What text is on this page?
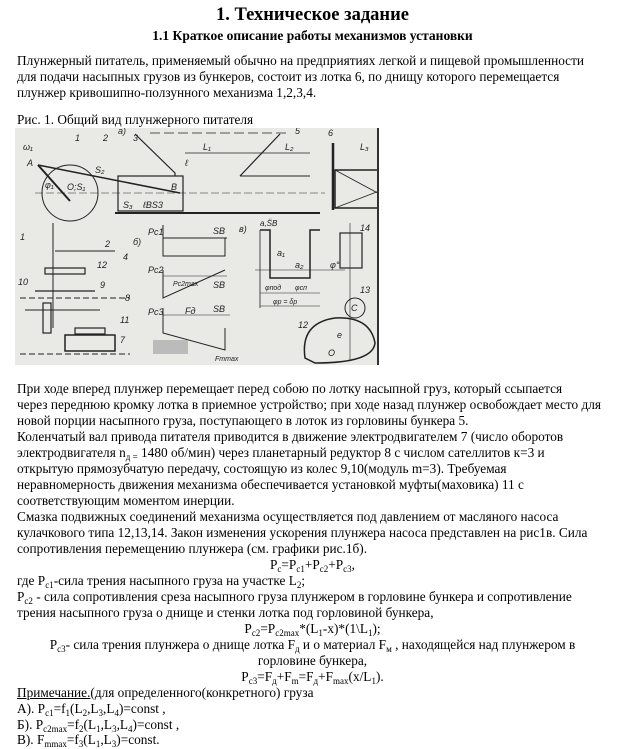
1. Техническое задание
1.1 Краткое описание работы механизмов установки
Плунжерный питатель, применяемый обычно на предприятиях легкой и пищевой промышленности
для подачи насыпных грузов из бункеров, состоит из лотка 6, по днищу которого перемещается
плунжер кривошипно-ползунного механизма 1,2,3,4.
Рис. 1. Общий вид плунжерного питателя
ω₁
A
φ₁ O;S₁
1	2	3
а)
S₂
B
S₃ ℓBS3
L₁
ℓ
L₂
5	6
L₃
1
2
4
12
10	9
8
11
7
б)
Pc1
Pc2
Pc3
Pc2max
SB
SB
SB
Fд
Fmmax
в)
a,S̈B
a₁
a₂	φ°
φпод φсп
φр = δр
14
13
12
C
e
O
При ходе вперед плунжер перемещает перед собою по лотку насыпной груз, который ссыпается
через переднюю кромку лотка в приемное устройство; при ходе назад плунжер освобождает место для
новой порции насыпного груза, поступающего в лоток из горловины бункера 5.
Коленчатый вал привода питателя приводится в движение электродвигателем 7 (число оборотов
электродвигателя $n_{д =}$ 1480 об/мин) через планетарный редуктор 8 с числом сателлитов к=3 и
открытую прямозубчатую передачу, состоящую из колес 9,10(модуль m=3). Требуемая
неравномерность движения механизма обеспечивается установкой муфты(маховика) 11 с
соответствующим моментом инерции.
Смазка подвижных соединений механизма осуществляется под давлением от масляного насоса
кулачкового типа 12,13,14. Закон изменения ускорения плунжера насоса представлен на рис1в. Сила
сопротивления перемещению плунжера (см. графики рис.1б).
$P_c=P_{c1}+P_{c2}+P_{c3}$,
где $P_{c1}$-сила трения насыпного груза на участке $L_2$;
$P_{c2}$ - сила сопротивления среза насыпного груза плунжером в горловине бункера и сопротивление
трения насыпного груза о днище и стенки лотка под горловиной бункера,
$P_{c2}=P_{c2max}*(L_1-x)*(1\backslash L_1)$;
$P_{c3}-$ сила трения плунжера о днище лотка $F_д$ и о материал $F_м$ , находящейся над плунжером в
горловине бункера,
$P_{c3}=F_д+F_m=F_д+F_{max}(x/L_1)$.
Примечание.(для определенного(конкретного) груза
А). $P_{c1}=f_1(L_2,L_3,L_4)=const$ ,
Б). $P_{c2max}=f_2(L_1,L_3,L_4)=const$ ,
В). $F_{mmax}=f_3(L_1,L_3)=const$.
